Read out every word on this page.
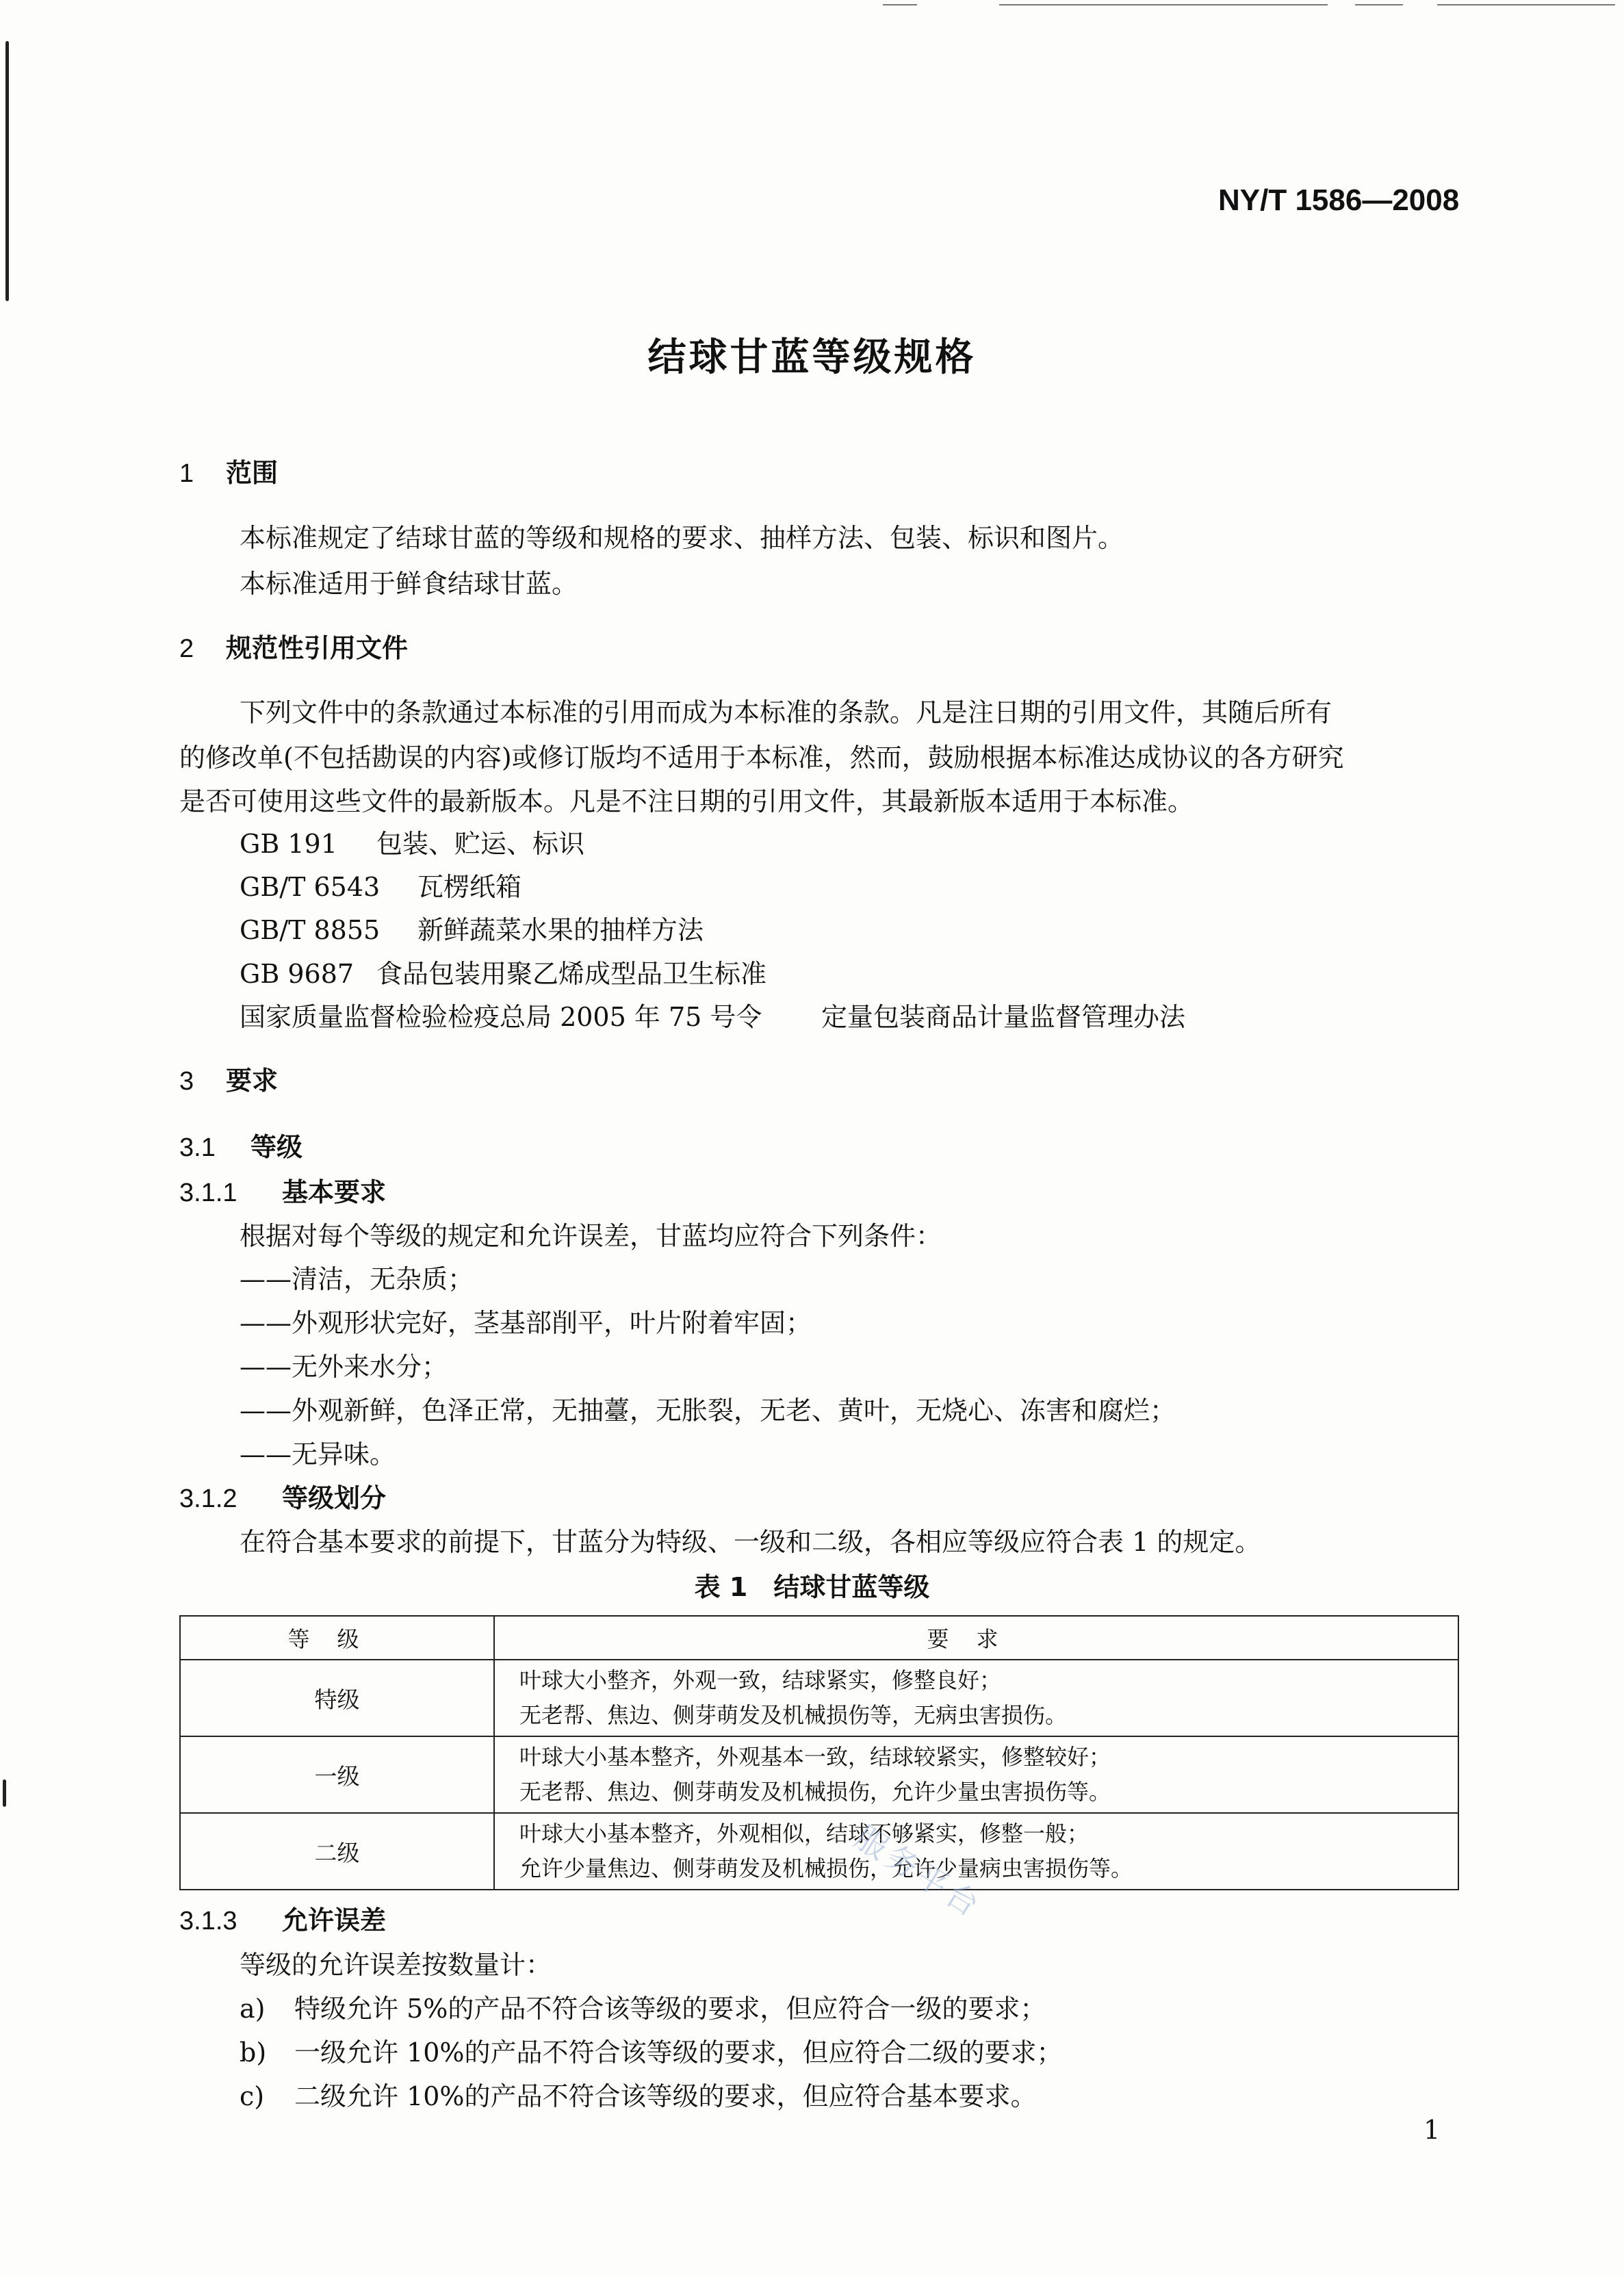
NY/T 1586—2008
结球甘蓝等级规格
1 范围
本标准规定了结球甘蓝的等级和规格的要求、抽样方法、包装、标识和图片。
本标准适用于鲜食结球甘蓝。
2 规范性引用文件
下列文件中的条款通过本标准的引用而成为本标准的条款。凡是注日期的引用文件，其随后所有
的修改单(不包括勘误的内容)或修订版均不适用于本标准，然而，鼓励根据本标准达成协议的各方研究
是否可使用这些文件的最新版本。凡是不注日期的引用文件，其最新版本适用于本标准。
GB 191 包装、贮运、标识
GB/T 6543 瓦楞纸箱
GB/T 8855 新鲜蔬菜水果的抽样方法
GB 9687 食品包装用聚乙烯成型品卫生标准
国家质量监督检验检疫总局 2005 年 75 号令 定量包装商品计量监督管理办法
3 要求
3.1 等级
3.1.1 基本要求
根据对每个等级的规定和允许误差，甘蓝均应符合下列条件：
——清洁，无杂质；
——外观形状完好，茎基部削平，叶片附着牢固；
——无外来水分；
——外观新鲜，色泽正常，无抽薹，无胀裂，无老、黄叶，无烧心、冻害和腐烂；
——无异味。
3.1.2 等级划分
在符合基本要求的前提下，甘蓝分为特级、一级和二级，各相应等级应符合表 1 的规定。
表 1　结球甘蓝等级
等级	要求
特级	叶球大小整齐，外观一致，结球紧实，修整良好；
无老帮、焦边、侧芽萌发及机械损伤等，无病虫害损伤。

一级	叶球大小基本整齐，外观基本一致，结球较紧实，修整较好；
无老帮、焦边、侧芽萌发及机械损伤，允许少量虫害损伤等。

二级	叶球大小基本整齐，外观相似，结球不够紧实，修整一般；
允许少量焦边、侧芽萌发及机械损伤，允许少量病虫害损伤等。
服务平台
3.1.3 允许误差
等级的允许误差按数量计：
a) 特级允许 5%的产品不符合该等级的要求，但应符合一级的要求；
b) 一级允许 10%的产品不符合该等级的要求，但应符合二级的要求；
c) 二级允许 10%的产品不符合该等级的要求，但应符合基本要求。
1
